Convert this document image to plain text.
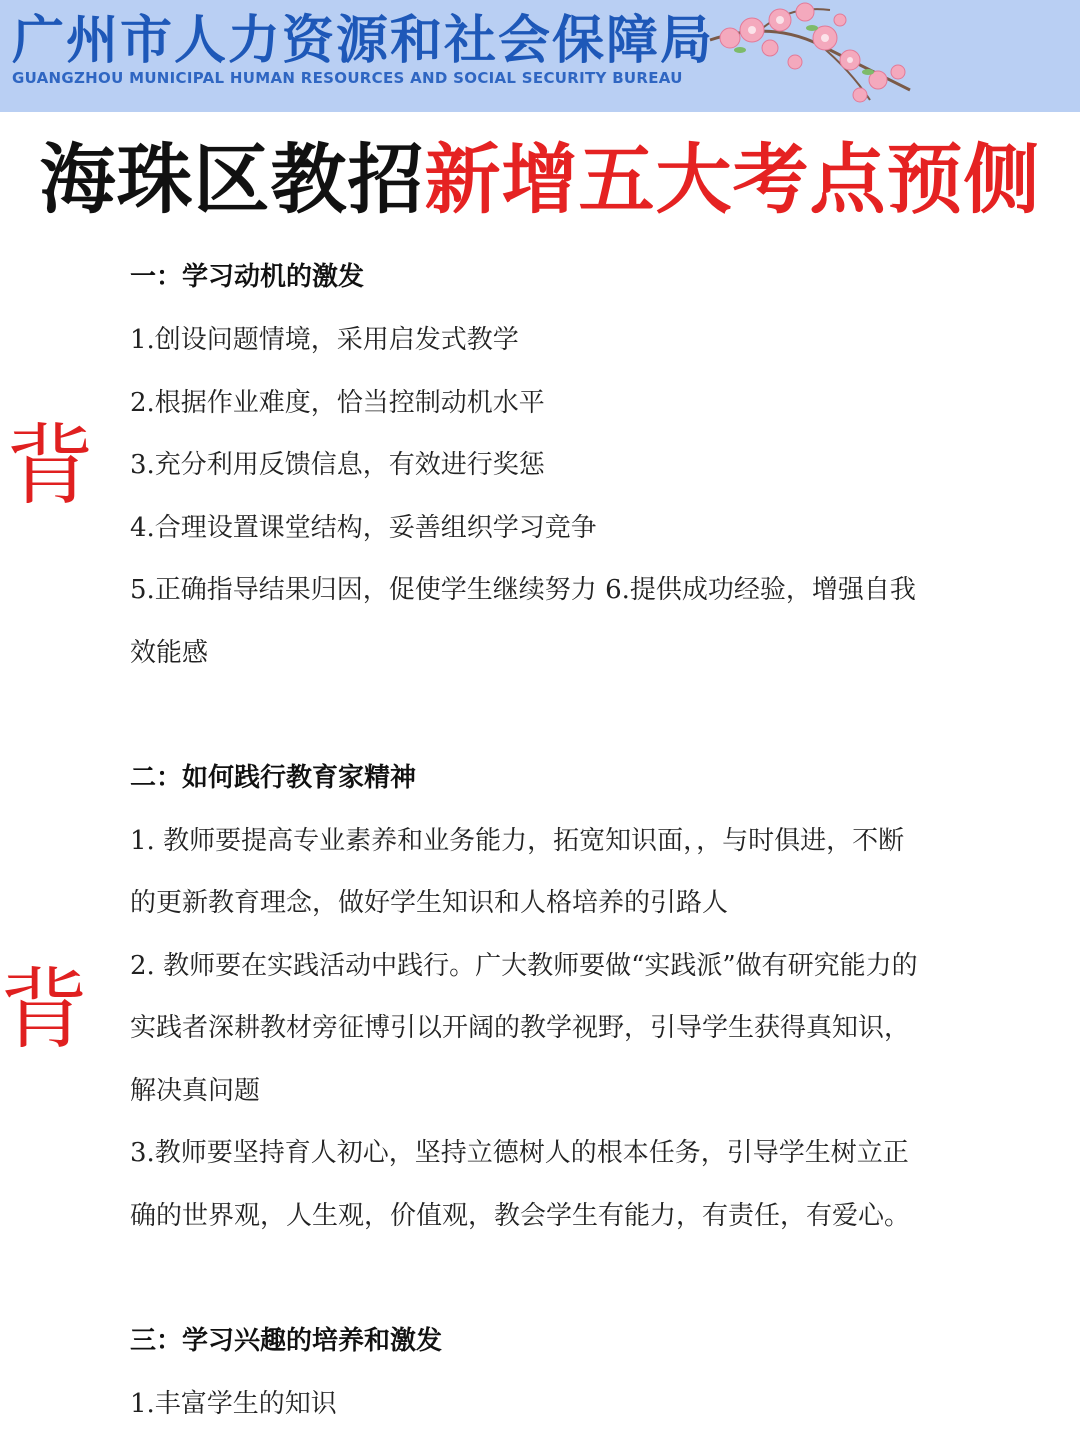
广州市人力资源和社会保障局

GUANGZHOU MUNICIPAL HUMAN RESOURCES AND SOCIAL SECURITY BUREAU

海珠区教招新增五大考点预侧
背
背

一：学习动机的激发

1.创设问题情境，采用启发式教学

2.根据作业难度，恰当控制动机水平

3.充分利用反馈信息，有效进行奖惩

4.合理设置课堂结构，妥善组织学习竞争

5.正确指导结果归因，促使学生继续努力 6.提供成功经验，增强自我

效能感

二：如何践行教育家精神

1. 教师要提高专业素养和业务能力，拓宽知识面，，与时俱进，不断

的更新教育理念，做好学生知识和人格培养的引路人

2. 教师要在实践活动中践行。广大教师要做“实践派”做有研究能力的

实践者深耕教材旁征博引以开阔的教学视野，引导学生获得真知识，

解决真问题

3.教师要坚持育人初心，坚持立德树人的根本任务，引导学生树立正

确的世界观，人生观，价值观，教会学生有能力，有责任，有爱心。

三：学习兴趣的培养和激发

1.丰富学生的知识
